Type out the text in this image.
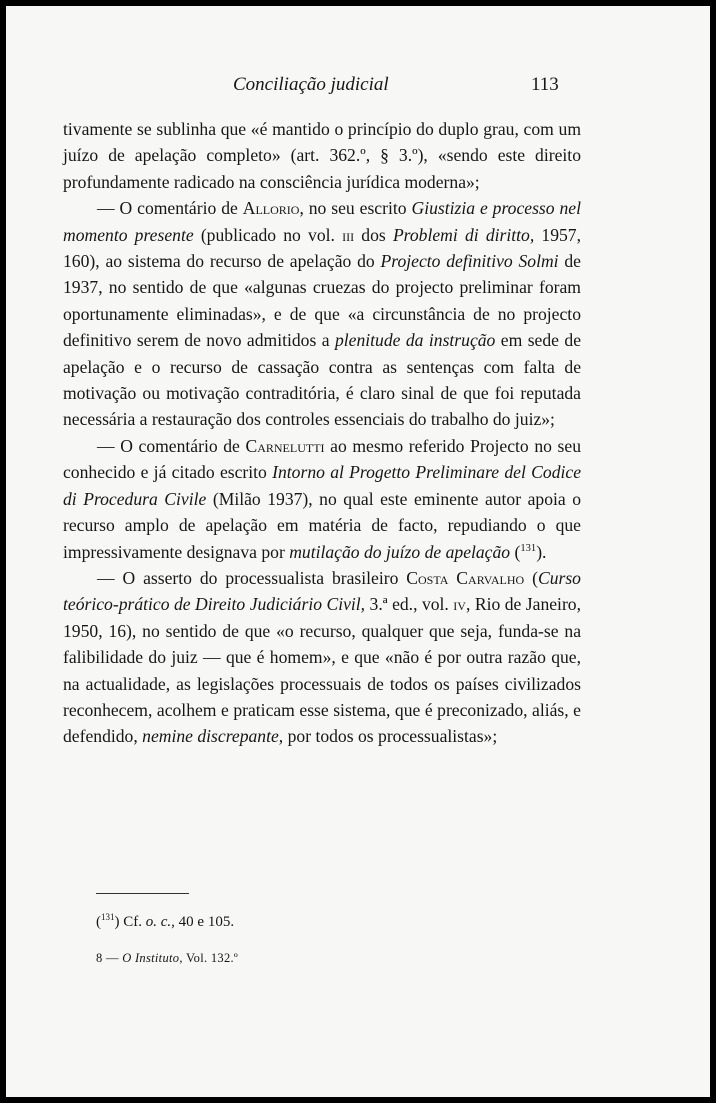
Conciliação judicial	113

tivamente se sublinha que «é mantido o princípio do duplo grau, com um juízo de apelação completo» (art. 362.º, § 3.º), «sendo este direito profundamente radicado na consciência jurídica moderna»;

— O comentário de Allorio, no seu escrito Giustizia e processo nel momento presente (publicado no vol. iii dos Problemi di diritto, 1957, 160), ao sistema do recurso de apelação do Projecto definitivo Solmi de 1937, no sentido de que «algunas cruezas do projecto preliminar foram oportunamente eliminadas», e de que «a circunstância de no projecto definitivo serem de novo admitidos a plenitude da instrução em sede de apelação e o recurso de cassação contra as sentenças com falta de motivação ou motivação contraditória, é claro sinal de que foi reputada necessária a restauração dos controles essenciais do trabalho do juiz»;

— O comentário de Carnelutti ao mesmo referido Projecto no seu conhecido e já citado escrito Intorno al Progetto Preliminare del Codice di Procedura Civile (Milão 1937), no qual este eminente autor apoia o recurso amplo de apelação em matéria de facto, repudiando o que impressivamente designava por mutilação do juízo de apelação ($^{131}$).

— O asserto do processualista brasileiro Costa Carvalho (Curso teórico-prático de Direito Judiciário Civil, 3.ª ed., vol. iv, Rio de Janeiro, 1950, 16), no sentido de que «o recurso, qualquer que seja, funda-se na falibilidade do juiz — que é homem», e que «não é por outra razão que, na actualidade, as legislações processuais de todos os países civilizados reconhecem, acolhem e praticam esse sistema, que é preconizado, aliás, e defendido, nemine discrepante, por todos os processualistas»;

($^{131}$) Cf. o. c., 40 e 105.
8 — O Instituto, Vol. 132.º
